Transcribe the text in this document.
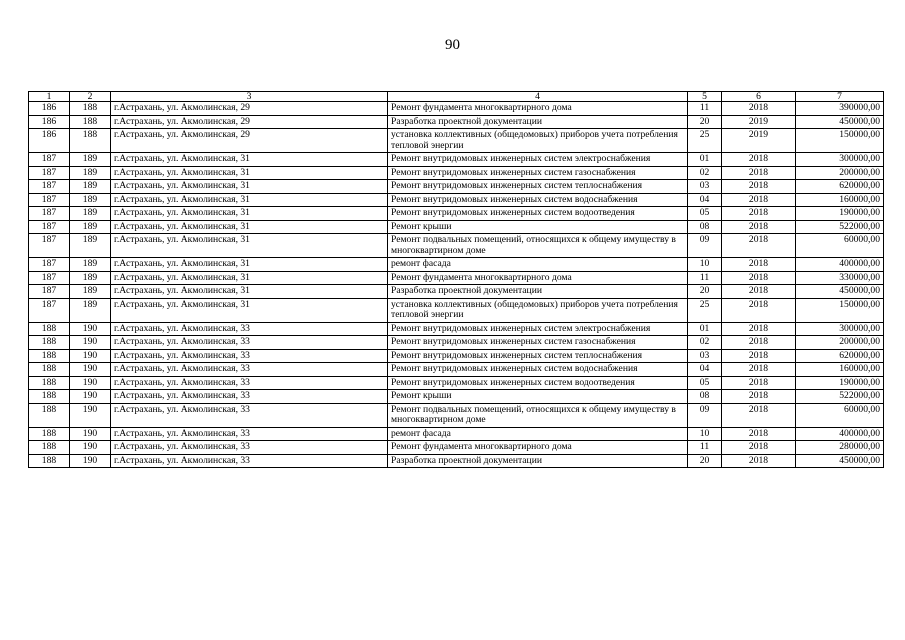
90
1	2	3	4	5	6	7
186	188	г.Астрахань, ул. Акмолинская, 29	Ремонт фундамента многоквартирного дома	11	2018	390000,00
186	188	г.Астрахань, ул. Акмолинская, 29	Разработка проектной документации	20	2019	450000,00
186	188	г.Астрахань, ул. Акмолинская, 29	установка коллективных (общедомовых) приборов учета потребления тепловой энергии	25	2019	150000,00
187	189	г.Астрахань, ул. Акмолинская, 31	Ремонт внутридомовых инженерных систем электроснабжения	01	2018	300000,00
187	189	г.Астрахань, ул. Акмолинская, 31	Ремонт внутридомовых инженерных систем газоснабжения	02	2018	200000,00
187	189	г.Астрахань, ул. Акмолинская, 31	Ремонт внутридомовых инженерных систем теплоснабжения	03	2018	620000,00
187	189	г.Астрахань, ул. Акмолинская, 31	Ремонт внутридомовых инженерных систем водоснабжения	04	2018	160000,00
187	189	г.Астрахань, ул. Акмолинская, 31	Ремонт внутридомовых инженерных систем водоотведения	05	2018	190000,00
187	189	г.Астрахань, ул. Акмолинская, 31	Ремонт крыши	08	2018	522000,00
187	189	г.Астрахань, ул. Акмолинская, 31	Ремонт подвальных помещений, относящихся к общему имуществу в многоквартирном доме	09	2018	60000,00
187	189	г.Астрахань, ул. Акмолинская, 31	ремонт фасада	10	2018	400000,00
187	189	г.Астрахань, ул. Акмолинская, 31	Ремонт фундамента многоквартирного дома	11	2018	330000,00
187	189	г.Астрахань, ул. Акмолинская, 31	Разработка проектной документации	20	2018	450000,00
187	189	г.Астрахань, ул. Акмолинская, 31	установка коллективных (общедомовых) приборов учета потребления тепловой энергии	25	2018	150000,00
188	190	г.Астрахань, ул. Акмолинская, 33	Ремонт внутридомовых инженерных систем электроснабжения	01	2018	300000,00
188	190	г.Астрахань, ул. Акмолинская, 33	Ремонт внутридомовых инженерных систем газоснабжения	02	2018	200000,00
188	190	г.Астрахань, ул. Акмолинская, 33	Ремонт внутридомовых инженерных систем теплоснабжения	03	2018	620000,00
188	190	г.Астрахань, ул. Акмолинская, 33	Ремонт внутридомовых инженерных систем водоснабжения	04	2018	160000,00
188	190	г.Астрахань, ул. Акмолинская, 33	Ремонт внутридомовых инженерных систем водоотведения	05	2018	190000,00
188	190	г.Астрахань, ул. Акмолинская, 33	Ремонт крыши	08	2018	522000,00
188	190	г.Астрахань, ул. Акмолинская, 33	Ремонт подвальных помещений, относящихся к общему имуществу в многоквартирном доме	09	2018	60000,00
188	190	г.Астрахань, ул. Акмолинская, 33	ремонт фасада	10	2018	400000,00
188	190	г.Астрахань, ул. Акмолинская, 33	Ремонт фундамента многоквартирного дома	11	2018	280000,00
188	190	г.Астрахань, ул. Акмолинская, 33	Разработка проектной документации	20	2018	450000,00
